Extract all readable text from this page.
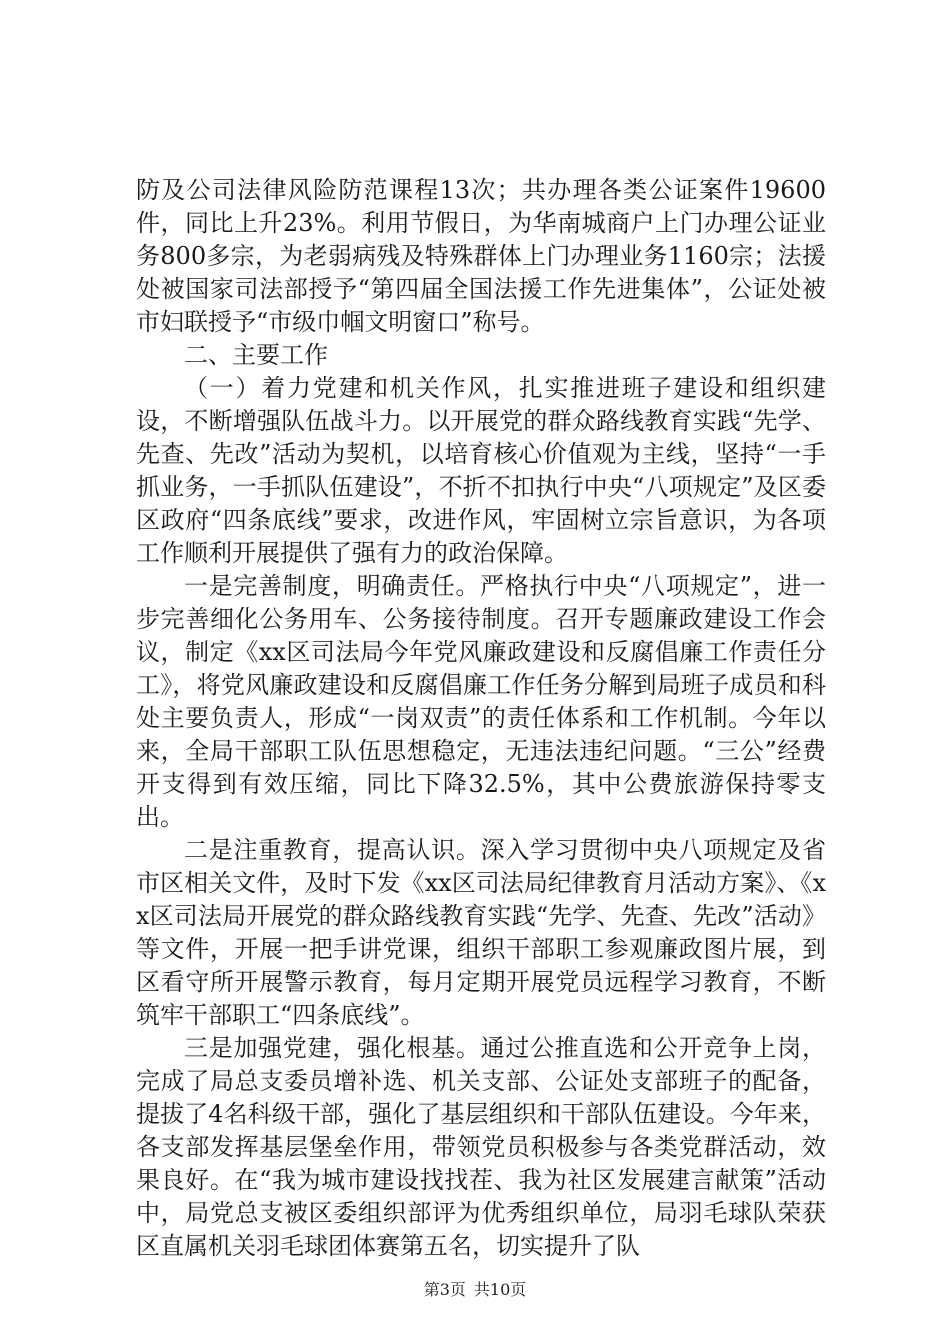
防及公司法律风险防范课程13次；共办理各类公证案件19600件，同比上升23%。利用节假日，为华南城商户上门办理公证业务800多宗，为老弱病残及特殊群体上门办理业务1160宗；法援处被国家司法部授予“第四届全国法援工作先进集体”，公证处被市妇联授予“市级巾帼文明窗口”称号。

二、主要工作

（一）着力党建和机关作风，扎实推进班子建设和组织建设，不断增强队伍战斗力。以开展党的群众路线教育实践“先学、先查、先改”活动为契机，以培育核心价值观为主线，坚持“一手抓业务，一手抓队伍建设”，不折不扣执行中央“八项规定”及区委区政府“四条底线”要求，改进作风，牢固树立宗旨意识，为各项工作顺利开展提供了强有力的政治保障。

一是完善制度，明确责任。严格执行中央“八项规定”，进一步完善细化公务用车、公务接待制度。召开专题廉政建设工作会议，制定《xx区司法局今年党风廉政建设和反腐倡廉工作责任分工》，将党风廉政建设和反腐倡廉工作任务分解到局班子成员和科处主要负责人，形成“一岗双责”的责任体系和工作机制。今年以来，全局干部职工队伍思想稳定，无违法违纪问题。“三公”经费开支得到有效压缩，同比下降32.5%，其中公费旅游保持零支出。

二是注重教育，提高认识。深入学习贯彻中央八项规定及省市区相关文件，及时下发《xx区司法局纪律教育月活动方案》、《xx区司法局开展党的群众路线教育实践“先学、先查、先改”活动》等文件，开展一把手讲党课，组织干部职工参观廉政图片展，到区看守所开展警示教育，每月定期开展党员远程学习教育，不断筑牢干部职工“四条底线”。

三是加强党建，强化根基。通过公推直选和公开竞争上岗，完成了局总支委员增补选、机关支部、公证处支部班子的配备，提拔了4名科级干部，强化了基层组织和干部队伍建设。今年来，各支部发挥基层堡垒作用，带领党员积极参与各类党群活动，效果良好。在“我为城市建设找找茬、我为社区发展建言献策”活动中，局党总支被区委组织部评为优秀组织单位，局羽毛球队荣获区直属机关羽毛球团体赛第五名，切实提升了队

第3页 共10页
